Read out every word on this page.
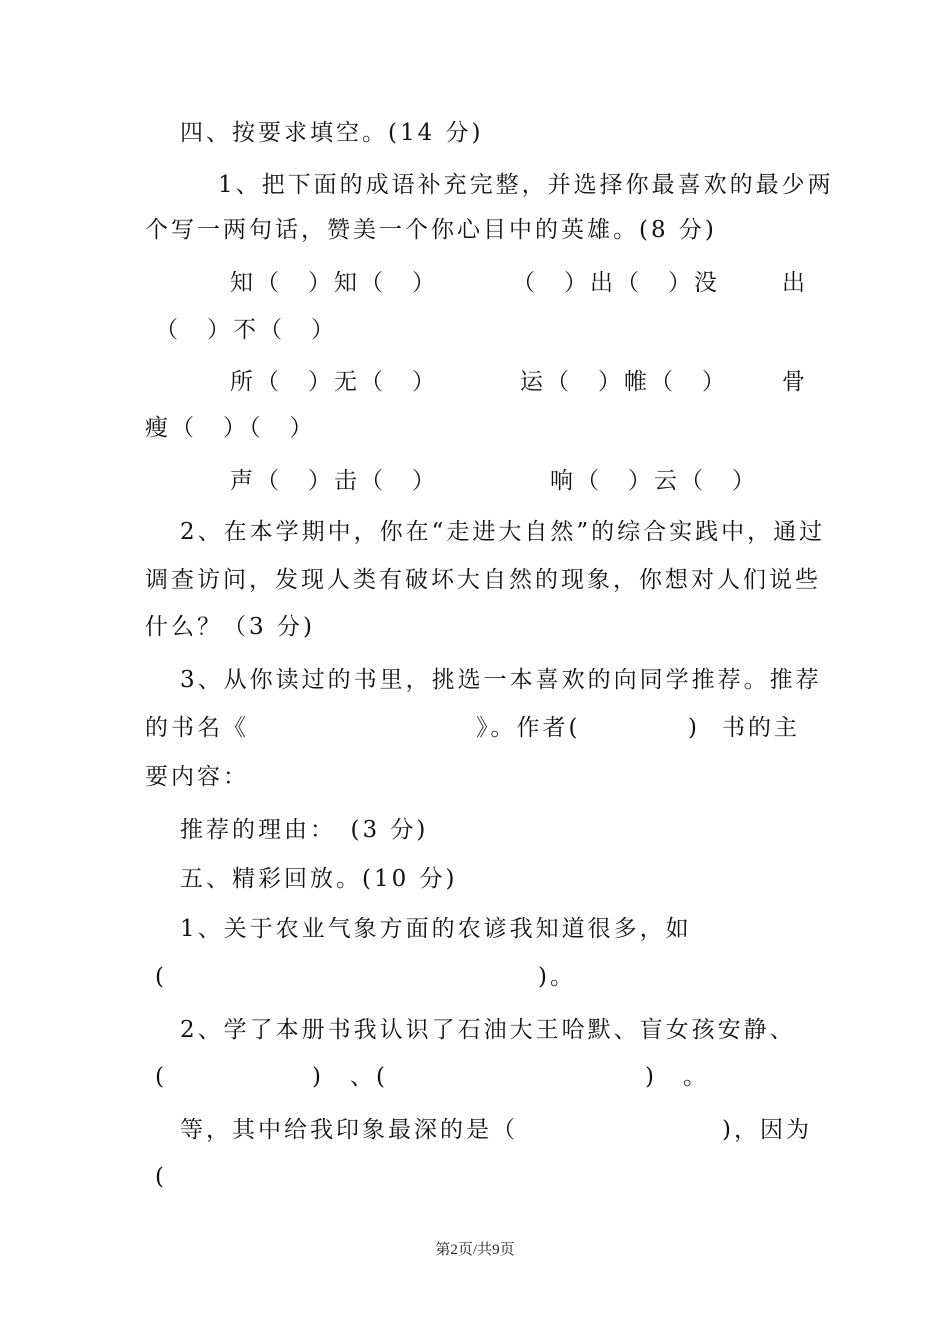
四、按要求填空。(14 分)
1、把下面的成语补充完整，并选择你最喜欢的最少两
个写一两句话，赞美一个你心目中的英雄。(8 分)
知（　）知（　）	（　）出（　）没	出
（　）不（　）
所（　）无（　）	运（　）帷（　） 骨
瘦（　）（　）
声（　）击（　）	响（　）云（　）
2、在本学期中，你在“走进大自然”的综合实践中，通过
调查访问，发现人类有破坏大自然的现象，你想对人们说些
什么？（3 分)
3、从你读过的书里，挑选一本喜欢的向同学推荐。推荐
的书名《	》。作者(	) 书的主
要内容：
推荐的理由：　(3 分)
五、精彩回放。(10 分)
1、关于农业气象方面的农谚我知道很多，如
(	)。
2、学了本册书我认识了石油大王哈默、盲女孩安静、
(	)　、(	)　。
等，其中给我印象最深的是（	)，因为
(
第2页/共9页
